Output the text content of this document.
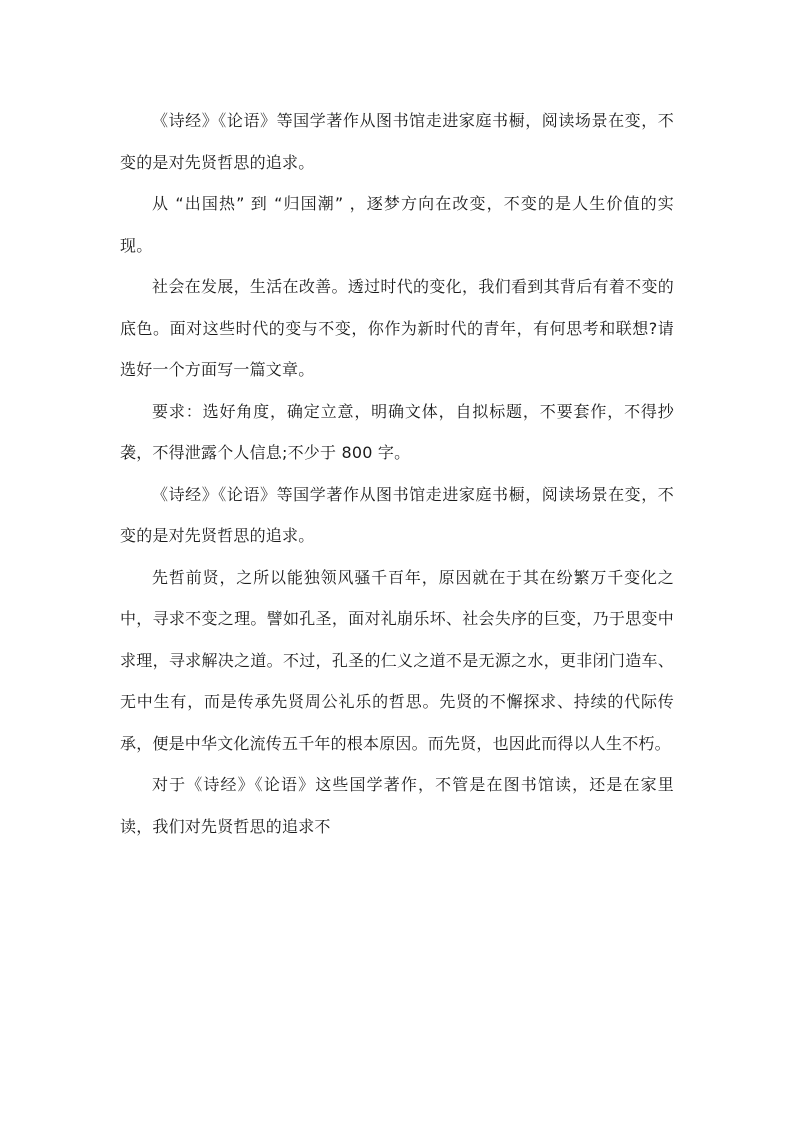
《诗经》《论语》等国学著作从图书馆走进家庭书橱，阅读场景在变，不变的是对先贤哲思的追求。

从 “出国热” 到 “归国潮” ，逐梦方向在改变，不变的是人生价值的实现。

社会在发展，生活在改善。透过时代的变化，我们看到其背后有着不变的底色。面对这些时代的变与不变，你作为新时代的青年，有何思考和联想?请选好一个方面写一篇文章。

要求：选好角度，确定立意，明确文体，自拟标题，不要套作，不得抄袭，不得泄露个人信息;不少于 800 字。

《诗经》《论语》等国学著作从图书馆走进家庭书橱，阅读场景在变，不变的是对先贤哲思的追求。

先哲前贤，之所以能独领风骚千百年，原因就在于其在纷繁万千变化之中，寻求不变之理。譬如孔圣，面对礼崩乐坏、社会失序的巨变，乃于思变中求理，寻求解决之道。不过，孔圣的仁义之道不是无源之水，更非闭门造车、无中生有，而是传承先贤周公礼乐的哲思。先贤的不懈探求、持续的代际传承，便是中华文化流传五千年的根本原因。而先贤，也因此而得以人生不朽。

对于《诗经》《论语》这些国学著作，不管是在图书馆读，还是在家里读，我们对先贤哲思的追求不
